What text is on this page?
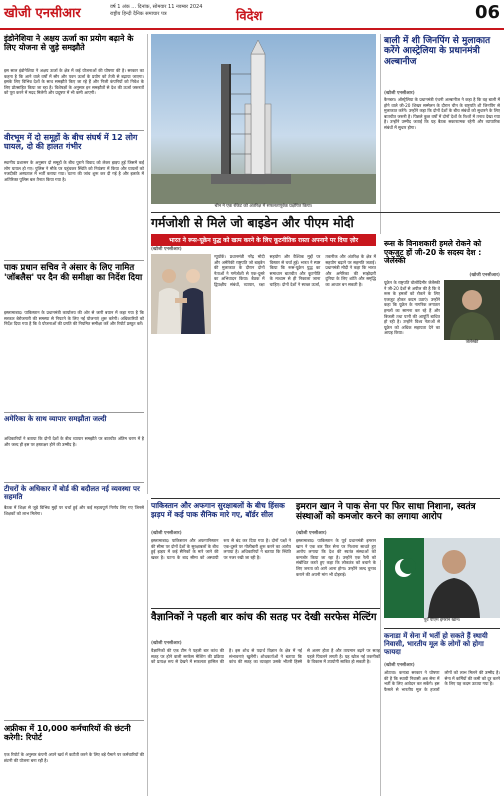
खोजी एनसीआर	वर्ष 1 अंक ... दिनांक, सोमवार 11 नवम्बर 2024
राष्ट्रीय हिन्दी दैनिक समाचार पत्र	विदेश	06
इंडोनेशिया ने अक्षय ऊर्जा का प्रयोग बढ़ाने के लिए योजना से जुड़े समझौते
इस साल इंडोनेशिया ने अक्षय ऊर्जा के क्षेत्र में कई योजनाओं की घोषणा की है। सरकार का कहना है कि आने वाले वर्षों में सौर और पवन ऊर्जा के प्रयोग को तेजी से बढ़ाया जाएगा। इसके लिए विभिन्न देशों के साथ समझौते किए जा रहे हैं और निजी कंपनियों को निवेश के लिए प्रोत्साहित किया जा रहा है। विशेषज्ञों के अनुसार इन समझौतों से देश की ऊर्जा जरूरतों को पूरा करने में मदद मिलेगी और प्रदूषण में भी कमी आएगी।
वीरभूम में दो समूहों के बीच संघर्ष में 12 लोग घायल, दो की हालत गंभीर
स्थानीय प्रशासन के अनुसार दो समूहों के बीच पुराने विवाद को लेकर झड़प हुई जिसमें कई लोग घायल हो गए। पुलिस ने मौके पर पहुंचकर स्थिति को नियंत्रण में किया और घायलों को नजदीकी अस्पताल में भर्ती कराया गया। घटना की जांच शुरू कर दी गई है और इलाके में अतिरिक्त पुलिस बल तैनात किया गया है।
पाक प्रधान सचिव ने अंसार के लिए नामित 'जॉबलैस' पर दैन की समीक्षा का निर्देश दिया
इस्लामाबाद। पाकिस्तान के प्रधानमंत्री कार्यालय की ओर से जारी बयान में कहा गया है कि सरकार बेरोजगारी की समस्या से निपटने के लिए नई योजनाएं शुरू करेगी। अधिकारियों को निर्देश दिया गया है कि वे योजनाओं की प्रगति की नियमित समीक्षा करें और रिपोर्ट प्रस्तुत करें।
अमेरिका के साथ व्यापार समझौता जल्दी
अधिकारियों ने बताया कि दोनों देशों के बीच व्यापार समझौते पर बातचीत अंतिम चरण में है और जल्द ही इस पर हस्ताक्षर होने की उम्मीद है।
टीचरों के अधिकार में बोर्ड की बदौलत नई व्यवस्था पर सहमति
बैठक में शिक्षा से जुड़े विभिन्न मुद्दों पर चर्चा हुई और कई महत्वपूर्ण निर्णय लिए गए जिनसे शिक्षकों को लाभ मिलेगा।
अफ्रीका में 10,000 कर्मचारियों की छंटनी करेगी: रिपोर्ट
एक रिपोर्ट के अनुसार कंपनी अपने खर्च में कटौती करने के लिए बड़े पैमाने पर कर्मचारियों की छंटनी की योजना बना रही है।
चीन ने एक रॉकेट को अंतरिक्ष में सफलतापूर्वक प्रक्षेपित किया।
बाली में शी जिनपिंग से मुलाकात करेंगे आस्ट्रेलिया के प्रधानमंत्री अल्बानीज
(खोजी एनसीआर)
कैनबरा। ऑस्ट्रेलिया के प्रधानमंत्री एंथनी अल्बानीज ने कहा है कि वह बाली में होने वाले जी-20 शिखर सम्मेलन के दौरान चीन के राष्ट्रपति शी जिनपिंग से मुलाकात करेंगे। उन्होंने कहा कि दोनों देशों के बीच संबंधों को सुधारने के लिए बातचीत जरूरी है। पिछले कुछ वर्षों में दोनों देशों के रिश्तों में तनाव देखा गया है। उन्होंने उम्मीद जताई कि यह बैठक सकारात्मक रहेगी और व्यापारिक संबंधों में सुधार होगा।
गर्मजोशी से मिले जो बाइडेन और पीएम मोदी
भारत ने रूस-यूक्रेन युद्ध को खत्म करने के लिए कूटनीतिक रास्ता अपनाने पर दिया ज़ोर
(खोजी एनसीआर)
न्यूयॉर्क। प्रधानमंत्री नरेंद्र मोदी और अमेरिकी राष्ट्रपति जो बाइडेन की मुलाकात के दौरान दोनों नेताओं ने गर्मजोशी से एक-दूसरे का अभिवादन किया। बैठक में द्विपक्षीय संबंधों, व्यापार, रक्षा सहयोग और वैश्विक मुद्दों पर विस्तार से चर्चा हुई। भारत ने स्पष्ट किया कि रूस-यूक्रेन युद्ध का समाधान बातचीत और कूटनीति के माध्यम से ही निकाला जाना चाहिए। दोनों देशों ने स्वच्छ ऊर्जा, तकनीक और अंतरिक्ष के क्षेत्र में सहयोग बढ़ाने पर सहमति जताई। प्रधानमंत्री मोदी ने कहा कि भारत और अमेरिका की साझेदारी दुनिया के लिए शांति और समृद्धि का आधार बन सकती है।
रूस के विनाशकारी हमले रोकने को एकजुट हों जी-20 के सदस्य देश : जेलेंस्की
(खोजी एनसीआर)
यूक्रेन के राष्ट्रपति वोलोदिमीर जेलेंस्की ने जी-20 देशों से अपील की है कि वे रूस के हमलों को रोकने के लिए एकजुट होकर कदम उठाएं। उन्होंने कहा कि यूक्रेन के नागरिक लगातार हमलों का सामना कर रहे हैं और बिजली तथा पानी की आपूर्ति बाधित हो रही है। उन्होंने विश्व नेताओं से यूक्रेन को अधिक सहायता देने का आग्रह किया।
जेलेंस्की
पाकिस्तान और अफगान सुरक्षाबलों के बीच हिंसक झड़प में कई पाक सैनिक मारे गए, बॉर्डर सील
(खोजी एनसीआर)
इस्लामाबाद। पाकिस्तान और अफगानिस्तान की सीमा पर दोनों देशों के सुरक्षाबलों के बीच हुई झड़प में कई सैनिकों के मारे जाने की खबर है। घटना के बाद सीमा को अस्थायी रूप से बंद कर दिया गया है। दोनों पक्षों ने एक-दूसरे पर गोलीबारी शुरू करने का आरोप लगाया है। अधिकारियों ने बताया कि स्थिति पर नजर रखी जा रही है।
इमरान खान ने पाक सेना पर फिर साधा निशाना, स्वतंत्र संस्थाओं को कमजोर करने का लगाया आरोप
(खोजी एनसीआर)
इस्लामाबाद। पाकिस्तान के पूर्व प्रधानमंत्री इमरान खान ने एक बार फिर सेना पर निशाना साधते हुए आरोप लगाया कि देश की स्वतंत्र संस्थाओं को कमजोर किया जा रहा है। उन्होंने एक रैली को संबोधित करते हुए कहा कि लोकतंत्र को बचाने के लिए जनता को आगे आना होगा। उन्होंने जल्द चुनाव कराने की अपनी मांग भी दोहराई।
पूर्व पीएम इमरान खान।
वैज्ञानिकों ने पहली बार कांच की सतह पर देखी सरफेस मेल्टिंग
(खोजी एनसीआर)
वैज्ञानिकों की एक टीम ने पहली बार कांच की सतह पर होने वाली सरफेस मेल्टिंग की प्रक्रिया को प्रत्यक्ष रूप से देखने में सफलता हासिल की है। इस शोध से पदार्थ विज्ञान के क्षेत्र में नई संभावनाएं खुलेंगी। शोधकर्ताओं ने बताया कि कांच की सतह का व्यवहार उसके भीतरी हिस्से से अलग होता है और तापमान बढ़ने पर सतह पहले पिघलने लगती है। यह खोज नई तकनीकों के विकास में उपयोगी साबित हो सकती है।
कनाडा में सेना में भर्ती हो सकते हैं स्थायी निवासी, भारतीय मूल के लोगों को होगा फायदा
(खोजी एनसीआर)
ओटावा। कनाडा सरकार ने घोषणा की है कि स्थायी निवासी अब सेना में भर्ती के लिए आवेदन कर सकेंगे। इस फैसले से भारतीय मूल के हजारों लोगों को लाभ मिलने की उम्मीद है। सेना में कर्मियों की कमी को दूर करने के लिए यह कदम उठाया गया है।
